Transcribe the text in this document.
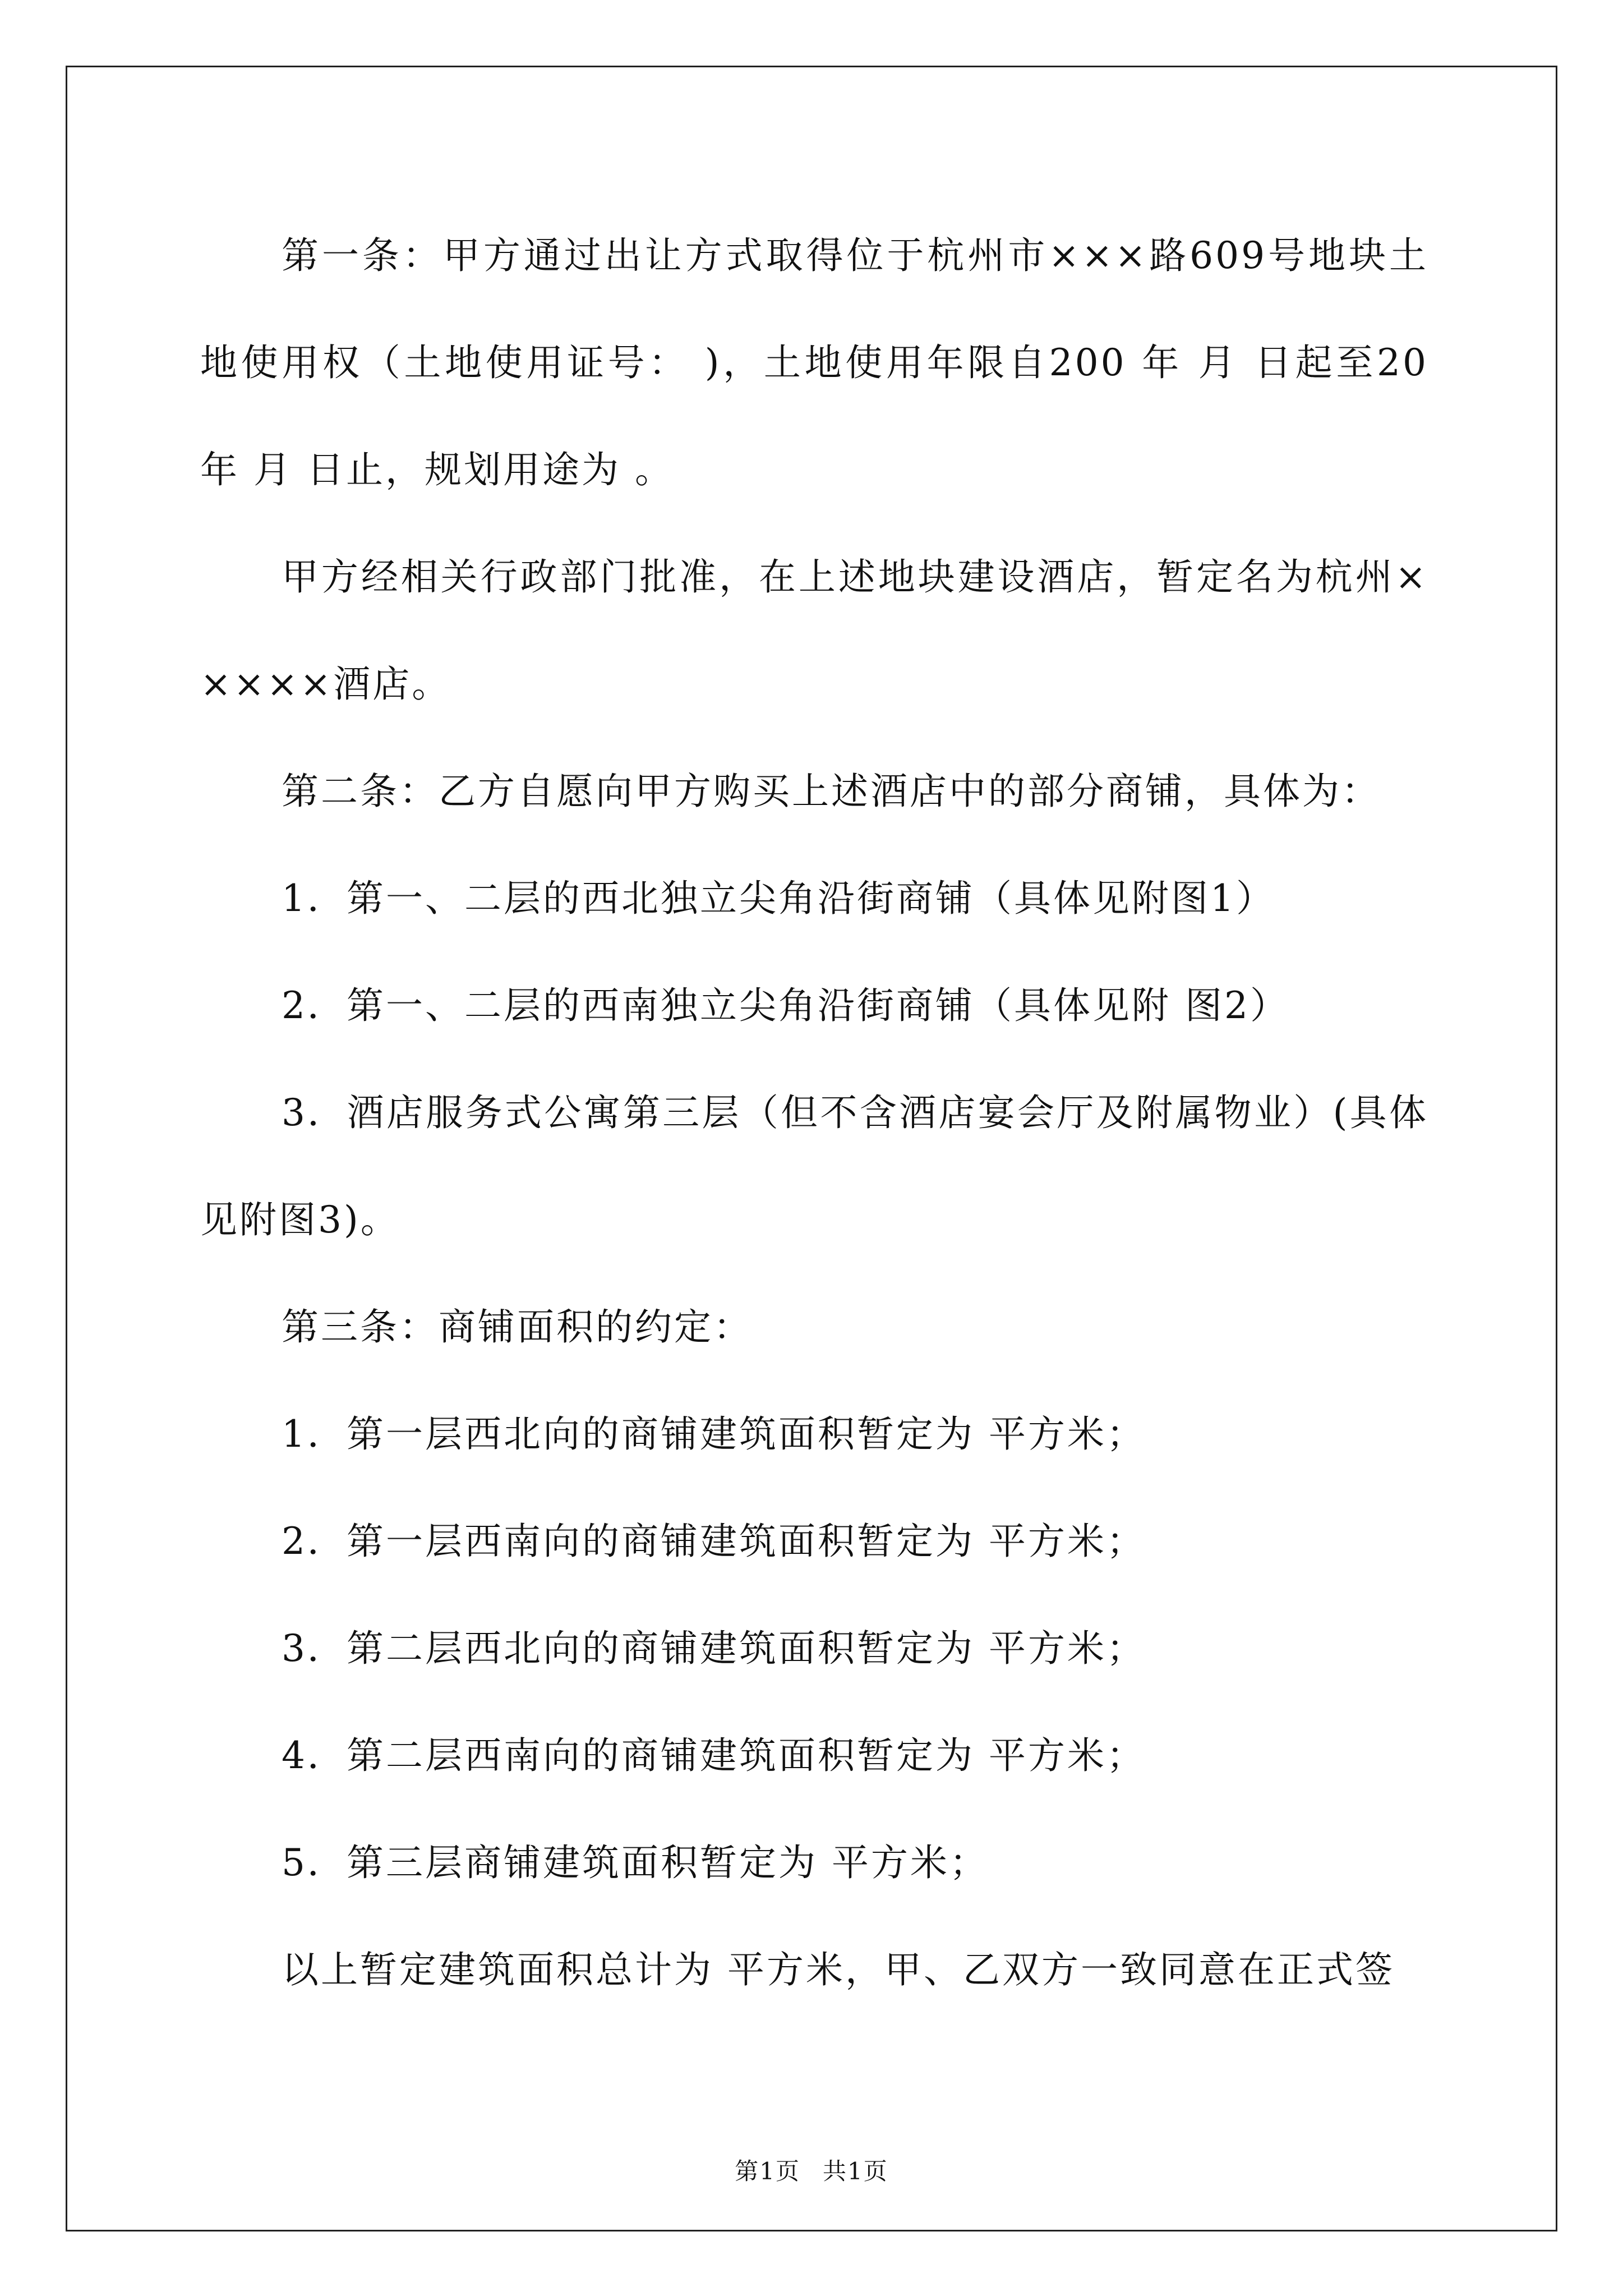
第一条：甲方通过出让方式取得位于杭州市×××路609号地块土地使用权（土地使用证号： )，土地使用年限自200 年 月 日起至20 年 月 日止，规划用途为 。

甲方经相关行政部门批准，在上述地块建设酒店，暂定名为杭州×××××酒店。

第二条：乙方自愿向甲方购买上述酒店中的部分商铺，具体为：

1．第一、二层的西北独立尖角沿街商铺（具体见附图1）

2．第一、二层的西南独立尖角沿街商铺（具体见附 图2）

3．酒店服务式公寓第三层（但不含酒店宴会厅及附属物业）(具体见附图3)。

第三条：商铺面积的约定：

1．第一层西北向的商铺建筑面积暂定为 平方米；

2．第一层西南向的商铺建筑面积暂定为 平方米；

3．第二层西北向的商铺建筑面积暂定为 平方米；

4．第二层西南向的商铺建筑面积暂定为 平方米；

5．第三层商铺建筑面积暂定为 平方米；

以上暂定建筑面积总计为 平方米，甲、乙双方一致同意在正式签

第1页 共1页
